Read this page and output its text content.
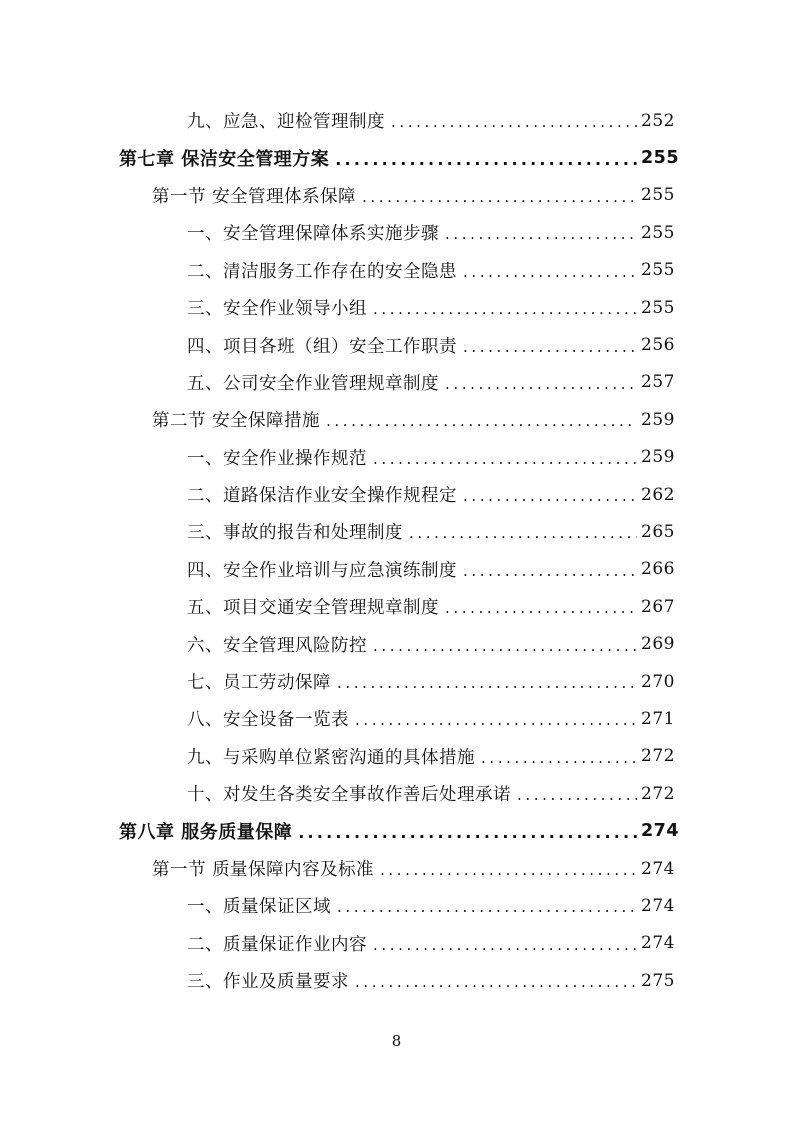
九、应急、迎检管理制度 .....	252
第七章 保洁安全管理方案 .....	255
第一节 安全管理体系保障 .....	255
一、安全管理保障体系实施步骤 .....	255
二、清洁服务工作存在的安全隐患 .....	255
三、安全作业领导小组 .....	255
四、项目各班（组）安全工作职责 .....	256
五、公司安全作业管理规章制度 .....	257
第二节 安全保障措施 .....	259
一、安全作业操作规范 .....	259
二、道路保洁作业安全操作规程定 .....	262
三、事故的报告和处理制度 .....	265
四、安全作业培训与应急演练制度 .....	266
五、项目交通安全管理规章制度 .....	267
六、安全管理风险防控 .....	269
七、员工劳动保障 .....	270
八、安全设备一览表 .....	271
九、与采购单位紧密沟通的具体措施 .....	272
十、对发生各类安全事故作善后处理承诺 .....	272
第八章 服务质量保障 .....	274
第一节 质量保障内容及标准 .....	274
一、质量保证区域 .....	274
二、质量保证作业内容 .....	274
三、作业及质量要求 .....	275
8
